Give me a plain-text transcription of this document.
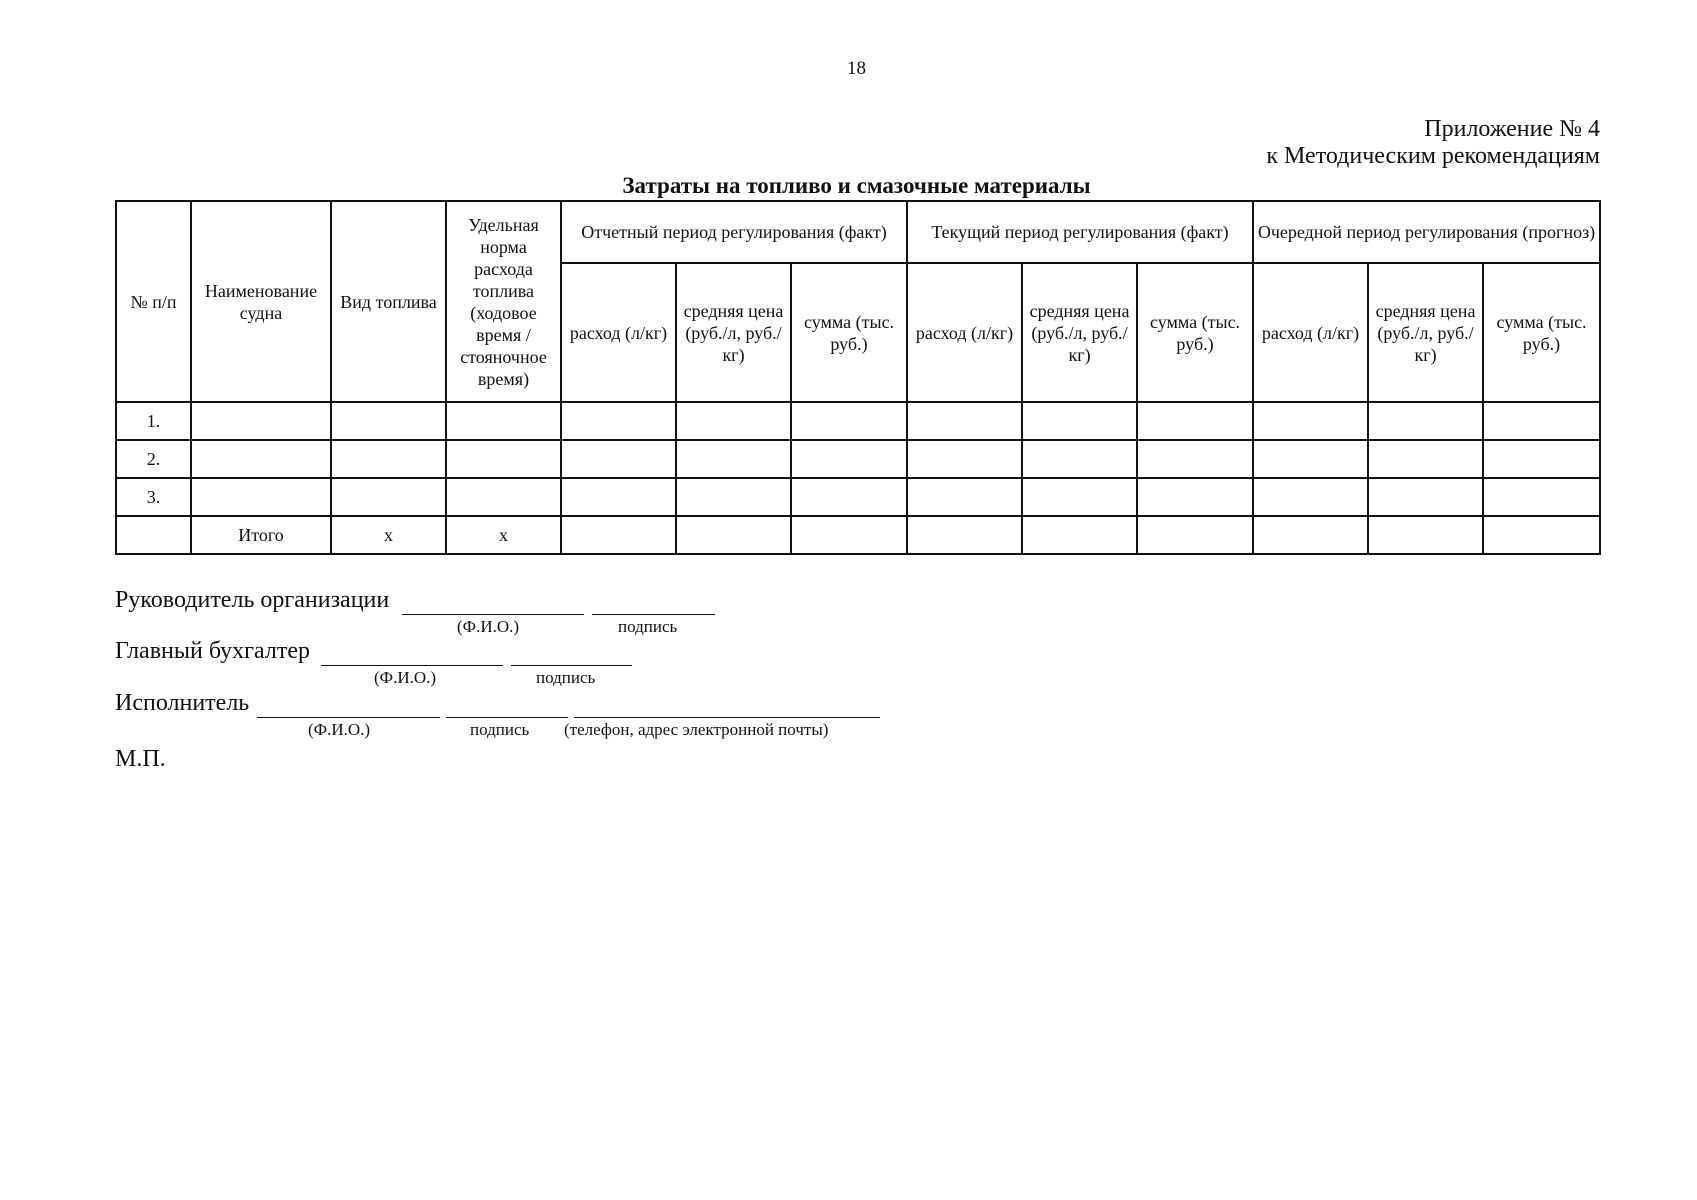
18
Приложение № 4
к Методическим рекомендациям
Затраты на топливо и смазочные материалы
№ п/п	Наименование судна	Вид топлива	Удельная норма расхода топлива (ходовое время / стояночное время)	Отчетный период регулирования (факт)			Текущий период регулирования (факт)			Очередной период регулирования (прогноз)		
				расход (л/кг)	средняя цена (руб./л, руб./кг)	сумма (тыс. руб.)	расход (л/кг)	средняя цена (руб./л, руб./кг)	сумма (тыс. руб.)	расход (л/кг)	средняя цена (руб./л, руб./кг)	сумма (тыс. руб.)
1.												
2.												
3.												
	Итого	x	x									
Руководитель организации
(Ф.И.О.)	подпись
Главный бухгалтер
(Ф.И.О.)	подпись
Исполнитель
(Ф.И.О.)	подпись (телефон, адрес электронной почты)
М.П.
